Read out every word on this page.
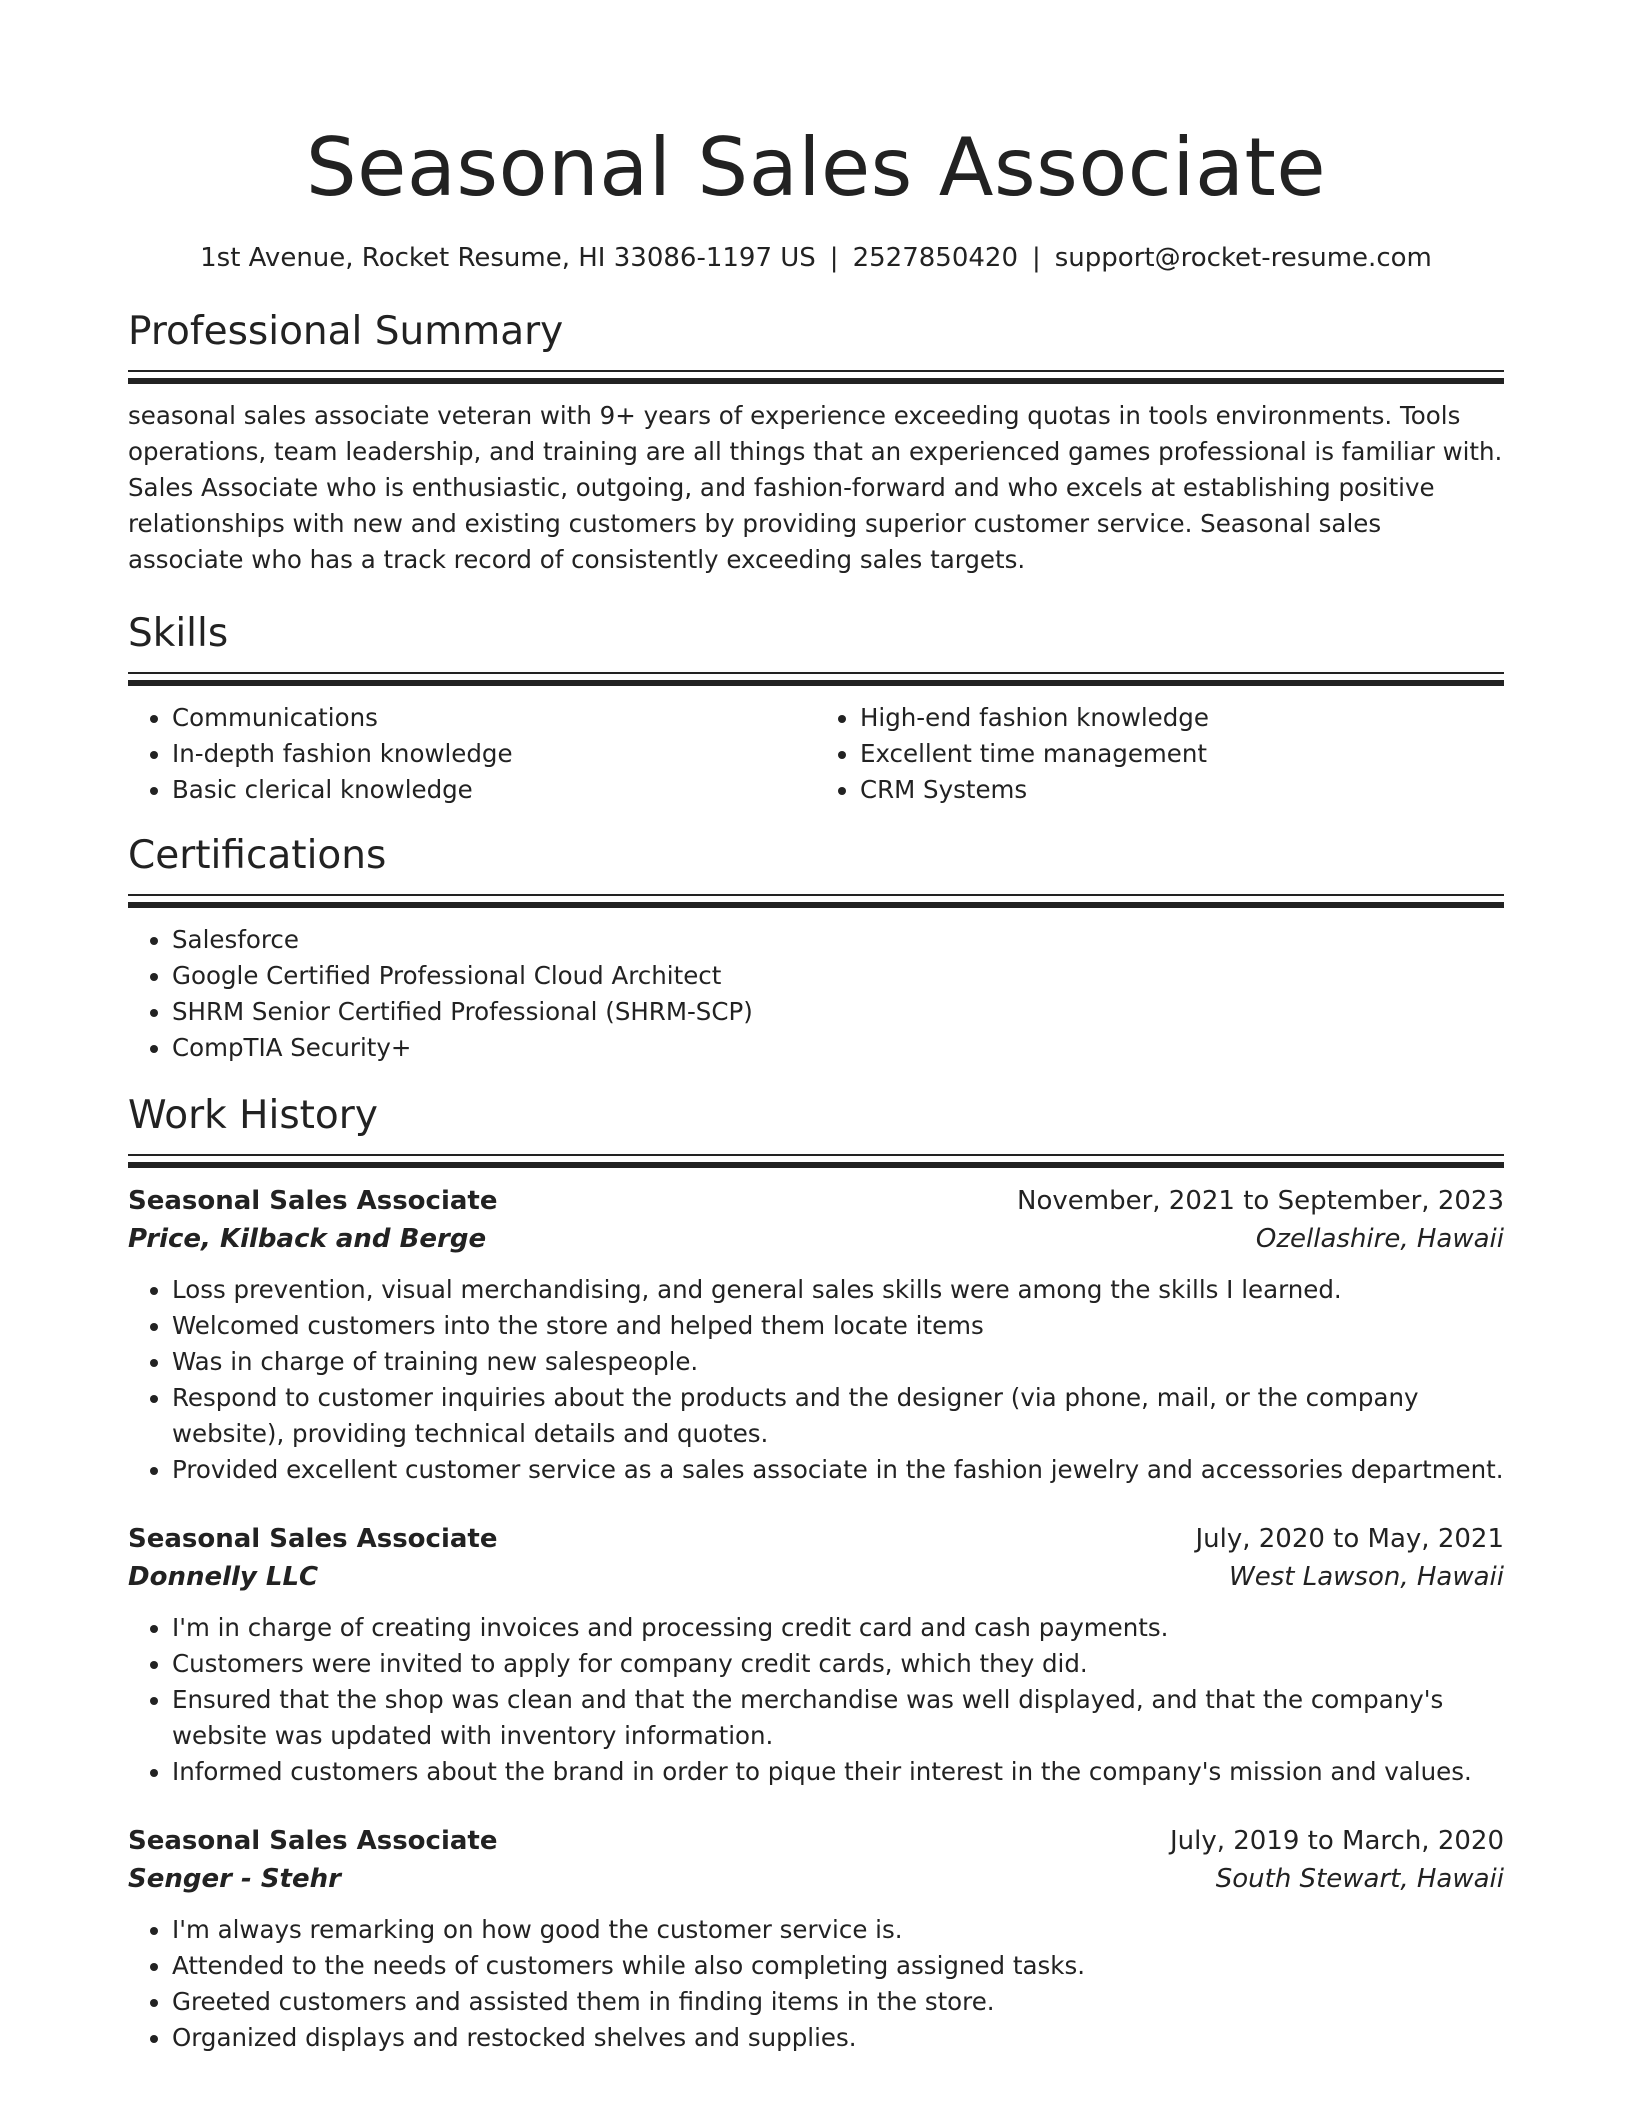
Seasonal Sales Associate
1st Avenue, Rocket Resume, HI 33086-1197 US | 2527850420 | support@rocket-resume.com
Professional Summary
seasonal sales associate veteran with 9+ years of experience exceeding quotas in tools environments. Tools operations, team leadership, and training are all things that an experienced games professional is familiar with. Sales Associate who is enthusiastic, outgoing, and fashion-forward and who excels at establishing positive relationships with new and existing customers by providing superior customer service. Seasonal sales associate who has a track record of consistently exceeding sales targets.
Skills
• Communications
• In-depth fashion knowledge
• Basic clerical knowledge
• High-end fashion knowledge
• Excellent time management
• CRM Systems
Certifications
• Salesforce
• Google Certified Professional Cloud Architect
• SHRM Senior Certified Professional (SHRM-SCP)
• CompTIA Security+
Work History
Seasonal Sales Associate	November, 2021 to September, 2023
Price, Kilback and Berge	Ozellashire, Hawaii
• Loss prevention, visual merchandising, and general sales skills were among the skills I learned.
• Welcomed customers into the store and helped them locate items
• Was in charge of training new salespeople.
• Respond to customer inquiries about the products and the designer (via phone, mail, or the company website), providing technical details and quotes.
• Provided excellent customer service as a sales associate in the fashion jewelry and accessories department.
Seasonal Sales Associate	July, 2020 to May, 2021
Donnelly LLC	West Lawson, Hawaii
• I'm in charge of creating invoices and processing credit card and cash payments.
• Customers were invited to apply for company credit cards, which they did.
• Ensured that the shop was clean and that the merchandise was well displayed, and that the company's website was updated with inventory information.
• Informed customers about the brand in order to pique their interest in the company's mission and values.
Seasonal Sales Associate	July, 2019 to March, 2020
Senger - Stehr	South Stewart, Hawaii
• I'm always remarking on how good the customer service is.
• Attended to the needs of customers while also completing assigned tasks.
• Greeted customers and assisted them in finding items in the store.
• Organized displays and restocked shelves and supplies.
